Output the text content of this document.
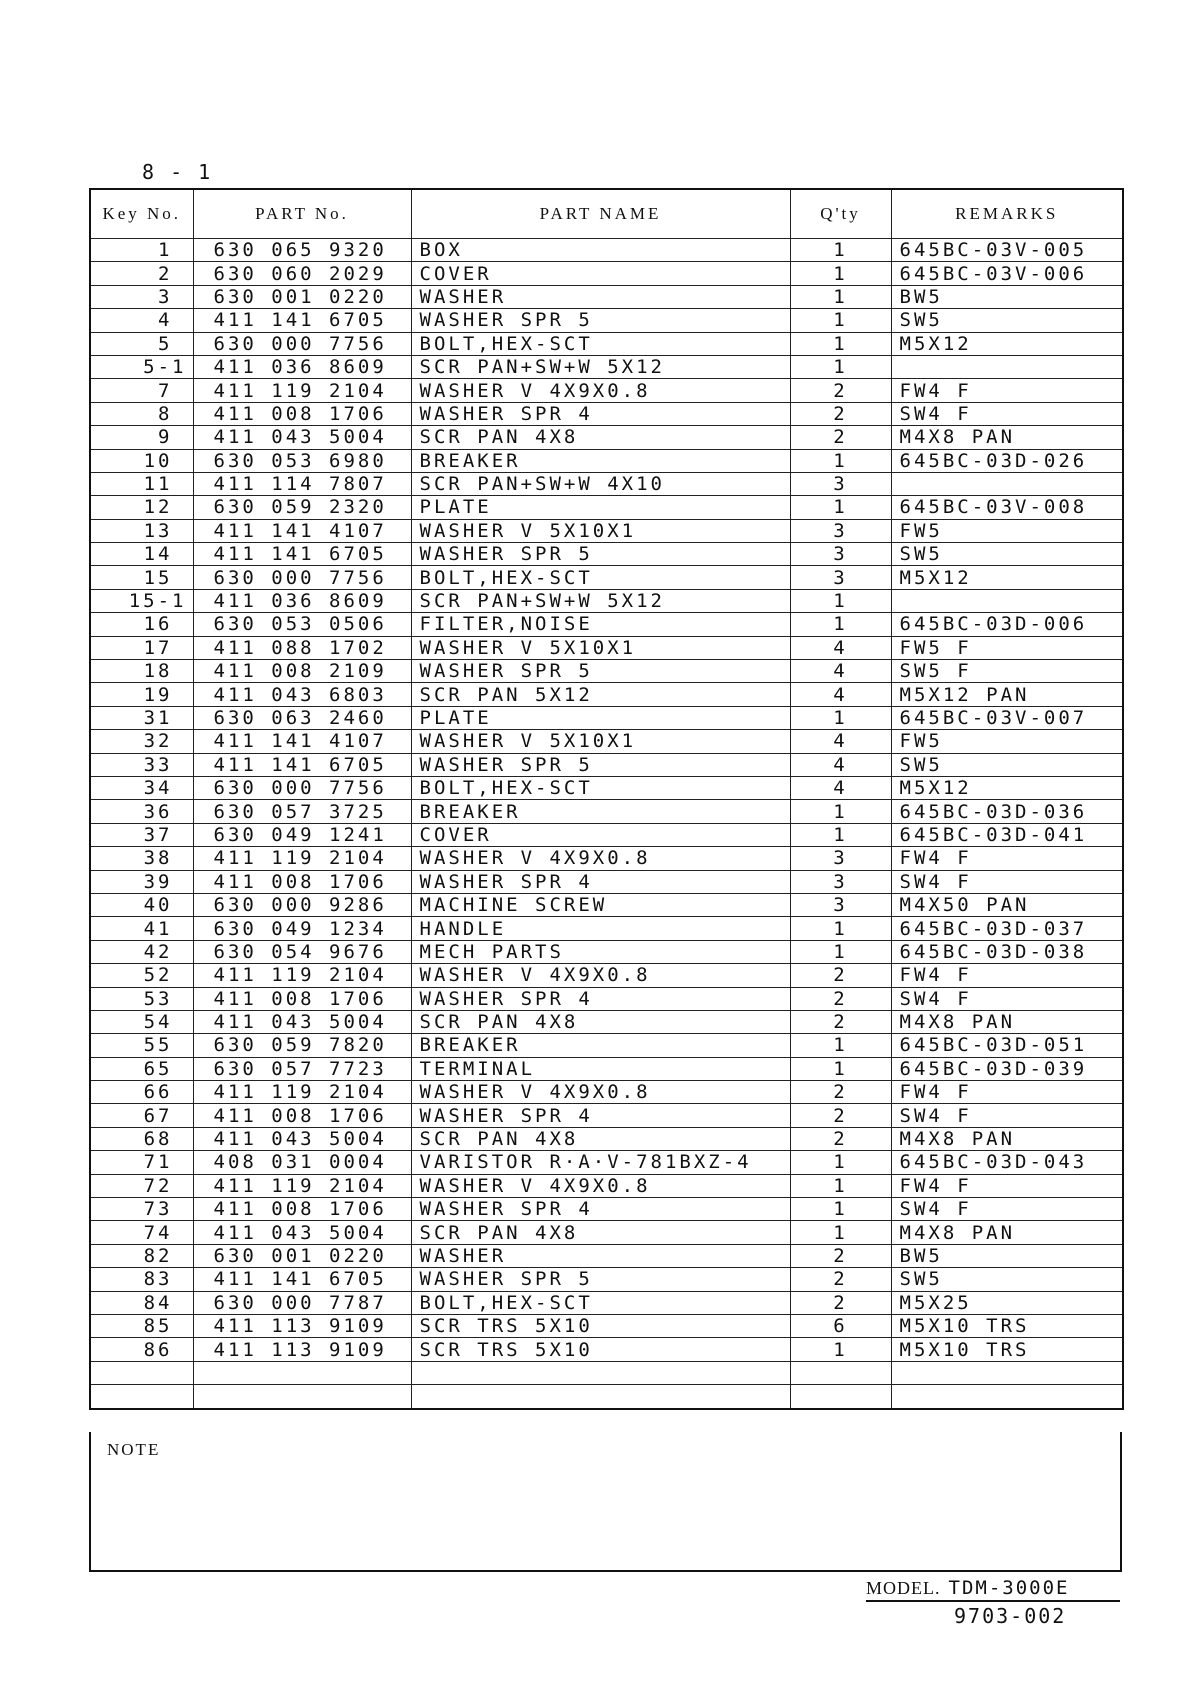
8 - 1
Key No.	PART No.	PART NAME	Q'ty	REMARKS
1	630 065 9320	BOX	1	645BC-03V-005
2	630 060 2029	COVER	1	645BC-03V-006
3	630 001 0220	WASHER	1	BW5
4	411 141 6705	WASHER SPR 5	1	SW5
5	630 000 7756	BOLT,HEX-SCT	1	M5X12
5-1	411 036 8609	SCR PAN+SW+W 5X12	1	
7	411 119 2104	WASHER V 4X9X0.8	2	FW4 F
8	411 008 1706	WASHER SPR 4	2	SW4 F
9	411 043 5004	SCR PAN 4X8	2	M4X8 PAN
10	630 053 6980	BREAKER	1	645BC-03D-026
11	411 114 7807	SCR PAN+SW+W 4X10	3	
12	630 059 2320	PLATE	1	645BC-03V-008
13	411 141 4107	WASHER V 5X10X1	3	FW5
14	411 141 6705	WASHER SPR 5	3	SW5
15	630 000 7756	BOLT,HEX-SCT	3	M5X12
15-1	411 036 8609	SCR PAN+SW+W 5X12	1	
16	630 053 0506	FILTER,NOISE	1	645BC-03D-006
17	411 088 1702	WASHER V 5X10X1	4	FW5 F
18	411 008 2109	WASHER SPR 5	4	SW5 F
19	411 043 6803	SCR PAN 5X12	4	M5X12 PAN
31	630 063 2460	PLATE	1	645BC-03V-007
32	411 141 4107	WASHER V 5X10X1	4	FW5
33	411 141 6705	WASHER SPR 5	4	SW5
34	630 000 7756	BOLT,HEX-SCT	4	M5X12
36	630 057 3725	BREAKER	1	645BC-03D-036
37	630 049 1241	COVER	1	645BC-03D-041
38	411 119 2104	WASHER V 4X9X0.8	3	FW4 F
39	411 008 1706	WASHER SPR 4	3	SW4 F
40	630 000 9286	MACHINE SCREW	3	M4X50 PAN
41	630 049 1234	HANDLE	1	645BC-03D-037
42	630 054 9676	MECH PARTS	1	645BC-03D-038
52	411 119 2104	WASHER V 4X9X0.8	2	FW4 F
53	411 008 1706	WASHER SPR 4	2	SW4 F
54	411 043 5004	SCR PAN 4X8	2	M4X8 PAN
55	630 059 7820	BREAKER	1	645BC-03D-051
65	630 057 7723	TERMINAL	1	645BC-03D-039
66	411 119 2104	WASHER V 4X9X0.8	2	FW4 F
67	411 008 1706	WASHER SPR 4	2	SW4 F
68	411 043 5004	SCR PAN 4X8	2	M4X8 PAN
71	408 031 0004	VARISTOR R·A·V-781BXZ-4	1	645BC-03D-043
72	411 119 2104	WASHER V 4X9X0.8	1	FW4 F
73	411 008 1706	WASHER SPR 4	1	SW4 F
74	411 043 5004	SCR PAN 4X8	1	M4X8 PAN
82	630 001 0220	WASHER	2	BW5
83	411 141 6705	WASHER SPR 5	2	SW5
84	630 000 7787	BOLT,HEX-SCT	2	M5X25
85	411 113 9109	SCR TRS 5X10	6	M5X10 TRS
86	411 113 9109	SCR TRS 5X10	1	M5X10 TRS

NOTE
MODEL. TDM-3000E
9703-002
